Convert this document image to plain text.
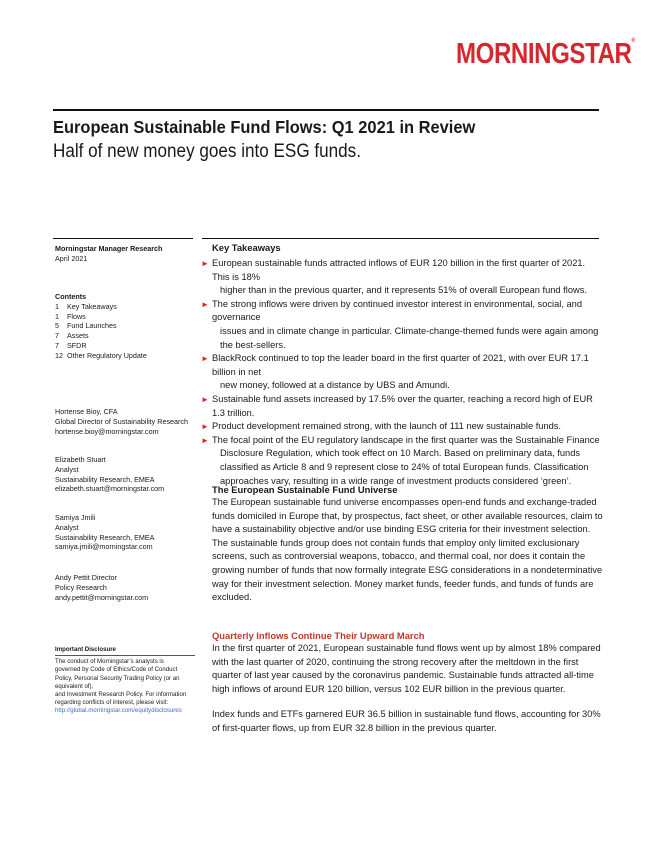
MORNINGSTAR®
European Sustainable Fund Flows: Q1 2021 in Review
Half of new money goes into ESG funds.
Morningstar Manager Research
April 2021
Contents
1	Key Takeaways
1	Flows
5	Fund Launches
7	Assets
7	SFDR
12 Other Regulatory Update
Hortense Bioy, CFA
Global Director of Sustainability Research
hortense.bioy@morningstar.com
Elizabeth Stuart
Analyst
Sustainability Research, EMEA
elizabeth.stuart@morningstar.com
Samiya Jmili
Analyst
Sustainability Research, EMEA
samiya.jmili@morningstar.com
Andy Pettit Director
Policy Research
andy.pettit@morningstar.com
Important Disclosure
The conduct of Morningstar’s analysts is
governed by Code of Ethics/Code of Conduct
Policy, Personal Security Trading Policy (or an
equivalent of),
and Investment Research Policy. For information
regarding conflicts of interest, please visit:
http://global.morningstar.com/equitydisclosures
Key Takeaways
► European sustainable funds attracted inflows of EUR 120 billion in the first quarter of 2021. This is 18%
higher than in the previous quarter, and it represents 51% of overall European fund flows.
► The strong inflows were driven by continued investor interest in environmental, social, and governance
issues and in climate change in particular. Climate-change-themed funds were again among the best-sellers.
► BlackRock continued to top the leader board in the first quarter of 2021, with over EUR 17.1 billion in net
new money, followed at a distance by UBS and Amundi.
► Sustainable fund assets increased by 17.5% over the quarter, reaching a record high of EUR 1.3 trillion.
► Product development remained strong, with the launch of 111 new sustainable funds.
► The focal point of the EU regulatory landscape in the first quarter was the Sustainable Finance
Disclosure Regulation, which took effect on 10 March. Based on preliminary data, funds classified as Article 8 and 9 represent close to 24% of total European funds. Classification approaches vary, resulting in a wide range of investment products considered ‘green’.
The European Sustainable Fund Universe

The European sustainable fund universe encompasses open-end funds and exchange-traded funds domiciled in Europe that, by prospectus, fact sheet, or other available resources, claim to have a sustainability objective and/or use binding ESG criteria for their investment selection. The sustainable funds group does not contain funds that employ only limited exclusionary screens, such as controversial weapons, tobacco, and thermal coal, nor does it contain the growing number of funds that now formally integrate ESG considerations in a nondeterminative way for their investment selection. Money market funds, feeder funds, and funds of funds are excluded.

Quarterly Inflows Continue Their Upward March

In the first quarter of 2021, European sustainable fund flows went up by almost 18% compared with the last quarter of 2020, continuing the strong recovery after the meltdown in the first quarter of last year caused by the coronavirus pandemic. Sustainable funds attracted all-time high inflows of around EUR 120 billion, versus 102 EUR billion in the previous quarter.

Index funds and ETFs garnered EUR 36.5 billion in sustainable fund flows, accounting for 30% of first-quarter flows, up from EUR 32.8 billion in the previous quarter.
